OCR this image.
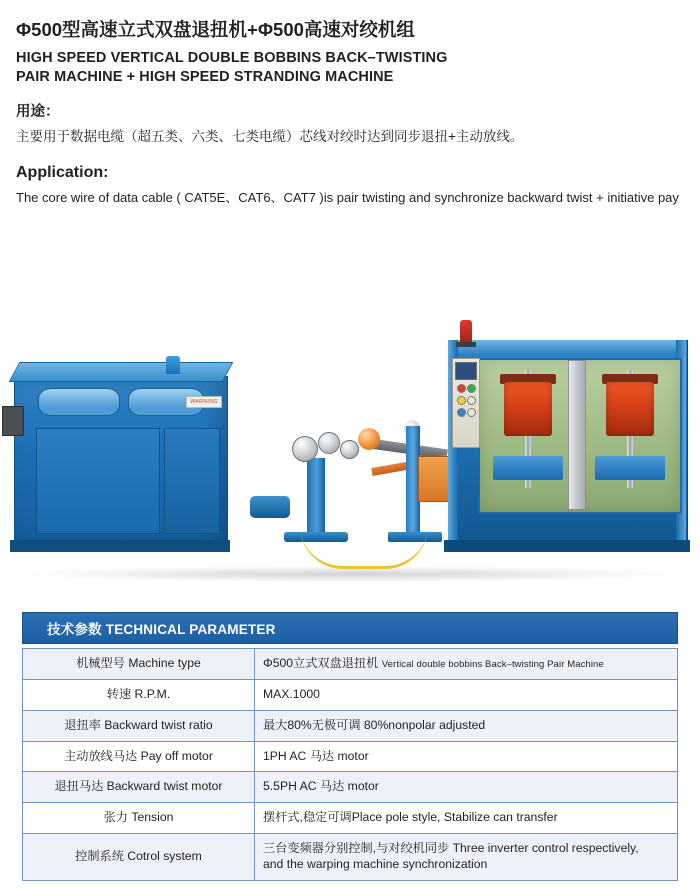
Φ500型高速立式双盘退扭机+Φ500高速对绞机组
HIGH SPEED VERTICAL DOUBLE BOBBINS BACK–TWISTING
PAIR MACHINE + HIGH SPEED STRANDING MACHINE
用途：
主要用于数据电缆（超五类、六类、七类电缆）芯线对绞时达到同步退扭+主动放线。
Application:
The core wire of data cable ( CAT5E、CAT6、CAT7 )is pair twisting and synchronize backward twist + initiative pay
WARNING
技术参数 TECHNICAL PARAMETER
机械型号 Machine type	Φ500立式双盘退扭机 Vertical double bobbins Back–twisting Pair Machine
转速 R.P.M.	MAX.1000
退扭率 Backward twist ratio	最大80%无极可调 80%nonpolar adjusted
主动放线马达 Pay off motor	1PH AC 马达 motor
退扭马达 Backward twist motor	5.5PH AC 马达 motor
张力 Tension	摆杆式,稳定可调Place pole style, Stabilize can transfer
控制系统 Cotrol system	三台变频器分别控制,与对绞机同步 Three inverter control respectively,
and the warping machine synchronization
